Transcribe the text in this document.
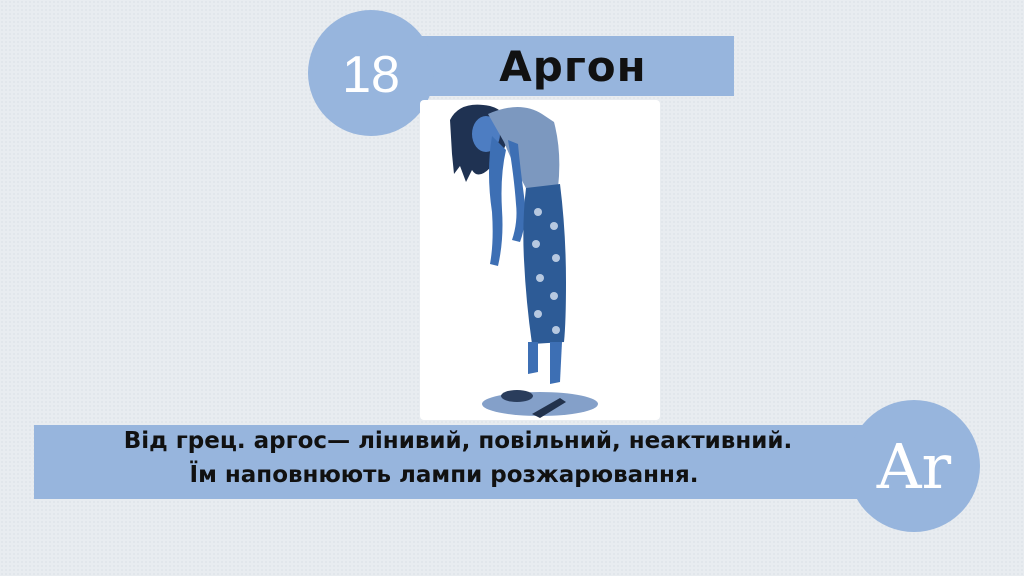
Аргон
18
Від грец. аргос— лінивий, повільний, неактивний.
Їм наповнюють лампи розжарювання.	Ar
